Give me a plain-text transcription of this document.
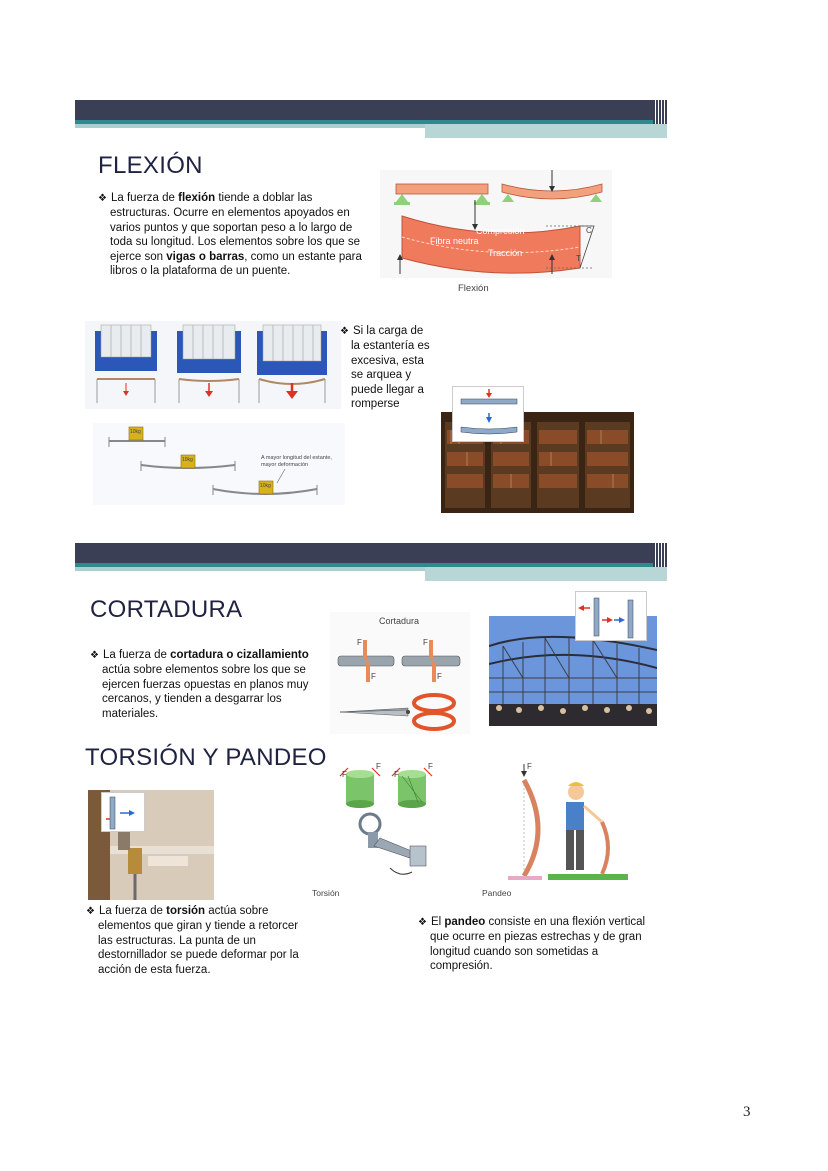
FLEXIÓN
❖ La fuerza de flexión tiende a doblar las estructuras. Ocurre en elementos apoyados en varios puntos y que soportan peso a lo largo de toda su longitud. Los elementos sobre los que se ejerce son vigas o barras, como un estante para libros o la plataforma de un puente.
Compresión
Fibra neutra
Tracción
C
T
Flexión
❖ Si la carga de la estantería es excesiva, esta se arquea y puede llegar a romperse
10kg
10kg
10kg
A mayor longitud del estante, mayor deformación
CORTADURA
❖ La fuerza de cortadura o cizallamiento actúa sobre elementos sobre los que se ejercen fuerzas opuestas en planos muy cercanos, y tienden a desgarrar los materiales.
Cortadura
F
F
F
F
TORSIÓN Y PANDEO
F
F
F
F
Torsión
F
Pandeo
❖ La fuerza de torsión actúa sobre elementos que giran y tiende a retorcer las estructuras. La punta de un destornillador se puede deformar por la acción de esta fuerza.
❖ El pandeo consiste en una flexión vertical que ocurre en piezas estrechas y de gran longitud cuando son sometidas a compresión.
3
